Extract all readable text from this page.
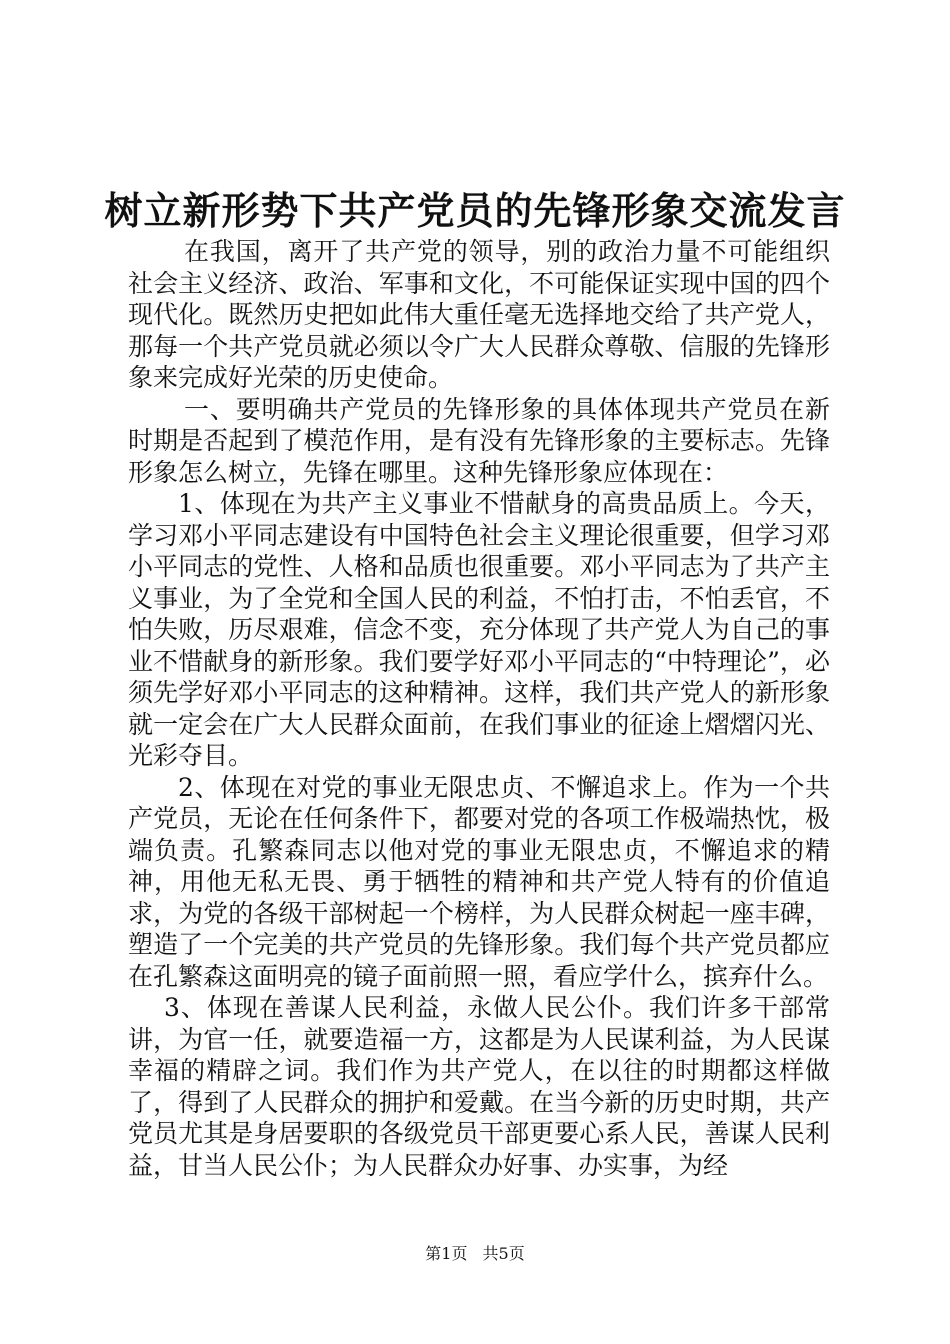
树立新形势下共产党员的先锋形象交流发言

在我国，离开了共产党的领导，别的政治力量不可能组织社会主义经济、政治、军事和文化，不可能保证实现中国的四个现代化。既然历史把如此伟大重任毫无选择地交给了共产党人，那每一个共产党员就必须以令广大人民群众尊敬、信服的先锋形象来完成好光荣的历史使命。

一、要明确共产党员的先锋形象的具体体现共产党员在新时期是否起到了模范作用，是有没有先锋形象的主要标志。先锋形象怎么树立，先锋在哪里。这种先锋形象应体现在：

1、体现在为共产主义事业不惜献身的高贵品质上。今天，学习邓小平同志建设有中国特色社会主义理论很重要，但学习邓小平同志的党性、人格和品质也很重要。邓小平同志为了共产主义事业，为了全党和全国人民的利益，不怕打击，不怕丢官，不怕失败，历尽艰难，信念不变，充分体现了共产党人为自己的事业不惜献身的新形象。我们要学好邓小平同志的“中特理论”，必须先学好邓小平同志的这种精神。这样，我们共产党人的新形象就一定会在广大人民群众面前，在我们事业的征途上熠熠闪光、光彩夺目。

2、体现在对党的事业无限忠贞、不懈追求上。作为一个共产党员，无论在任何条件下，都要对党的各项工作极端热忱，极端负责。孔繁森同志以他对党的事业无限忠贞，不懈追求的精神，用他无私无畏、勇于牺牲的精神和共产党人特有的价值追求，为党的各级干部树起一个榜样，为人民群众树起一座丰碑，塑造了一个完美的共产党员的先锋形象。我们每个共产党员都应在孔繁森这面明亮的镜子面前照一照，看应学什么，摈弃什么。

3、体现在善谋人民利益，永做人民公仆。我们许多干部常讲，为官一任，就要造福一方，这都是为人民谋利益，为人民谋幸福的精辟之词。我们作为共产党人，在以往的时期都这样做了，得到了人民群众的拥护和爱戴。在当今新的历史时期，共产党员尤其是身居要职的各级党员干部更要心系人民，善谋人民利益，甘当人民公仆；为人民群众办好事、办实事，为经

第1页 共5页
